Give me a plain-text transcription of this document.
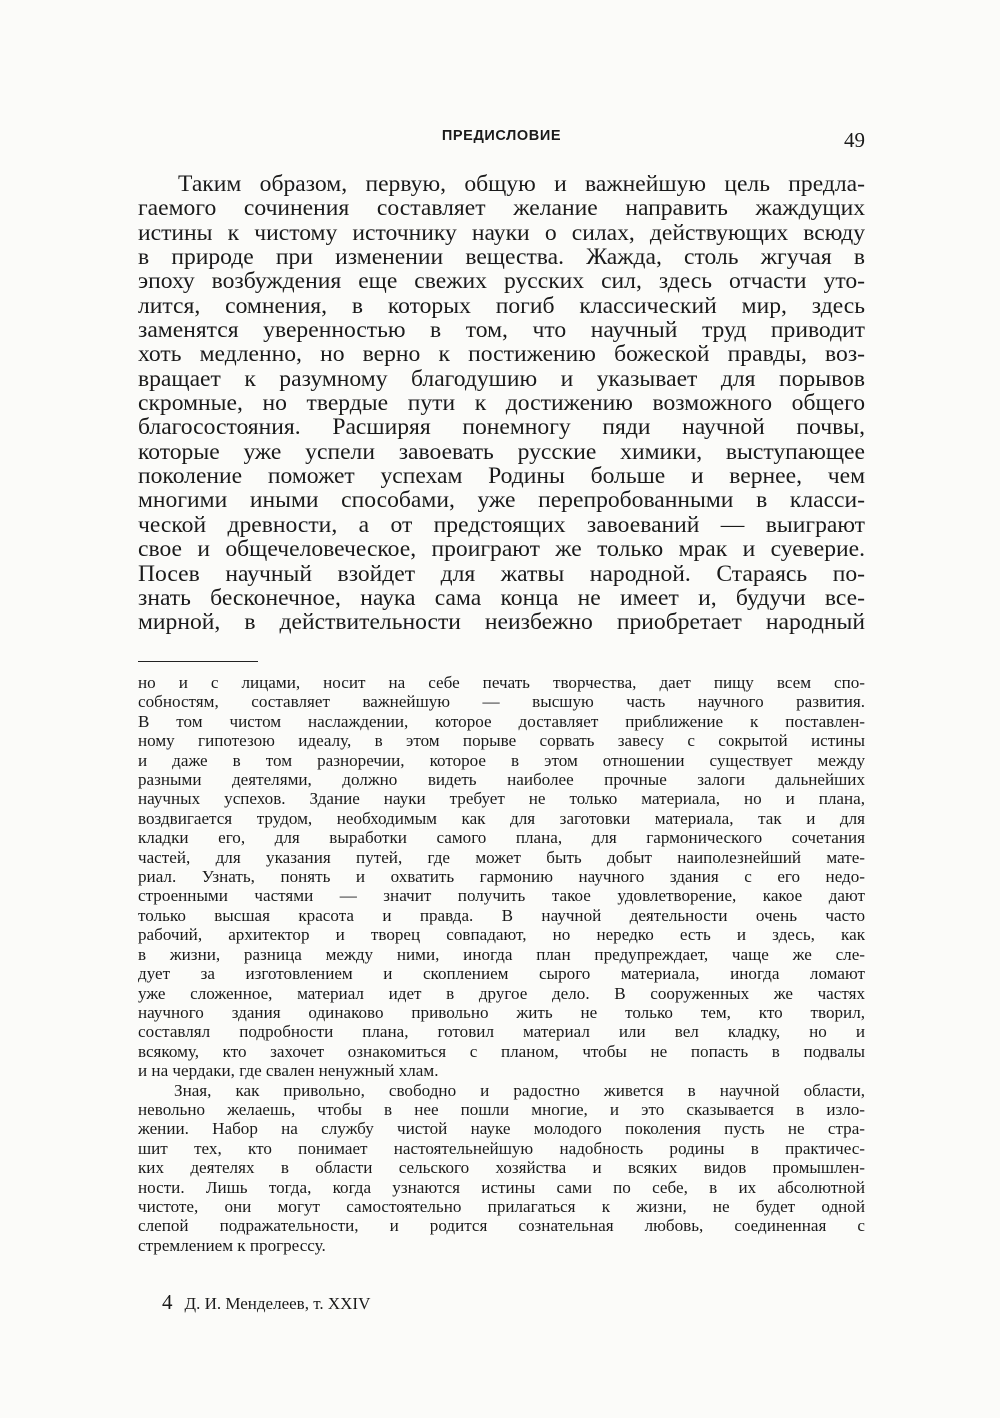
ПРЕДИСЛОВИЕ	49
Таким образом, первую, общую и важнейшую цель предла-
гаемого сочинения составляет желание направить жаждущих
истины к чистому источнику науки о силах, действующих всюду
в природе при изменении вещества. Жажда, столь жгучая в
эпоху возбуждения еще свежих русских сил, здесь отчасти уто-
лится, сомнения, в которых погиб классический мир, здесь
заменятся уверенностью в том, что научный труд приводит
хоть медленно, но верно к постижению божеской правды, воз-
вращает к разумному благодушию и указывает для порывов
скромные, но твердые пути к достижению возможного общего
благосостояния. Расширяя понемногу пяди научной почвы,
которые уже успели завоевать русские химики, выступающее
поколение поможет успехам Родины больше и вернее, чем
многими иными способами, уже перепробованными в класси-
ческой древности, а от предстоящих завоеваний — выиграют
свое и общечеловеческое, проиграют же только мрак и суеверие.
Посев научный взойдет для жатвы народной. Стараясь по-
знать бесконечное, наука сама конца не имеет и, будучи все-
мирной, в действительности неизбежно приобретает народный
но и с лицами, носит на себе печать творчества, дает пищу всем спо-
собностям, составляет важнейшую — высшую часть научного развития.
В том чистом наслаждении, которое доставляет приближение к поставлен-
ному гипотезою идеалу, в этом порыве сорвать завесу с сокрытой истины
и даже в том разноречии, которое в этом отношении существует между
разными деятелями, должно видеть наиболее прочные залоги дальнейших
научных успехов. Здание науки требует не только материала, но и плана,
воздвигается трудом, необходимым как для заготовки материала, так и для
кладки его, для выработки самого плана, для гармонического сочетания
частей, для указания путей, где может быть добыт наиполезнейший мате-
риал. Узнать, понять и охватить гармонию научного здания с его недо-
строенными частями — значит получить такое удовлетворение, какое дают
только высшая красота и правда. В научной деятельности очень часто
рабочий, архитектор и творец совпадают, но нередко есть и здесь, как
в жизни, разница между ними, иногда план предупреждает, чаще же сле-
дует за изготовлением и скоплением сырого материала, иногда ломают
уже сложенное, материал идет в другое дело. В сооруженных же частях
научного здания одинаково привольно жить не только тем, кто творил,
составлял подробности плана, готовил материал или вел кладку, но и
всякому, кто захочет ознакомиться с планом, чтобы не попасть в подвалы
и на чердаки, где свален ненужный хлам.
Зная, как привольно, свободно и радостно живется в научной области,
невольно желаешь, чтобы в нее пошли многие, и это сказывается в изло-
жении. Набор на службу чистой науке молодого поколения пусть не стра-
шит тех, кто понимает настоятельнейшую надобность родины в практичес-
ких деятелях в области сельского хозяйства и всяких видов промышлен-
ности. Лишь тогда, когда узнаются истины сами по себе, в их абсолютной
чистоте, они могут самостоятельно прилагаться к жизни, не будет одной
слепой подражательности, и родится сознательная любовь, соединенная с
стремлением к прогрессу.
4 Д. И. Менделеев, т. XXIV
